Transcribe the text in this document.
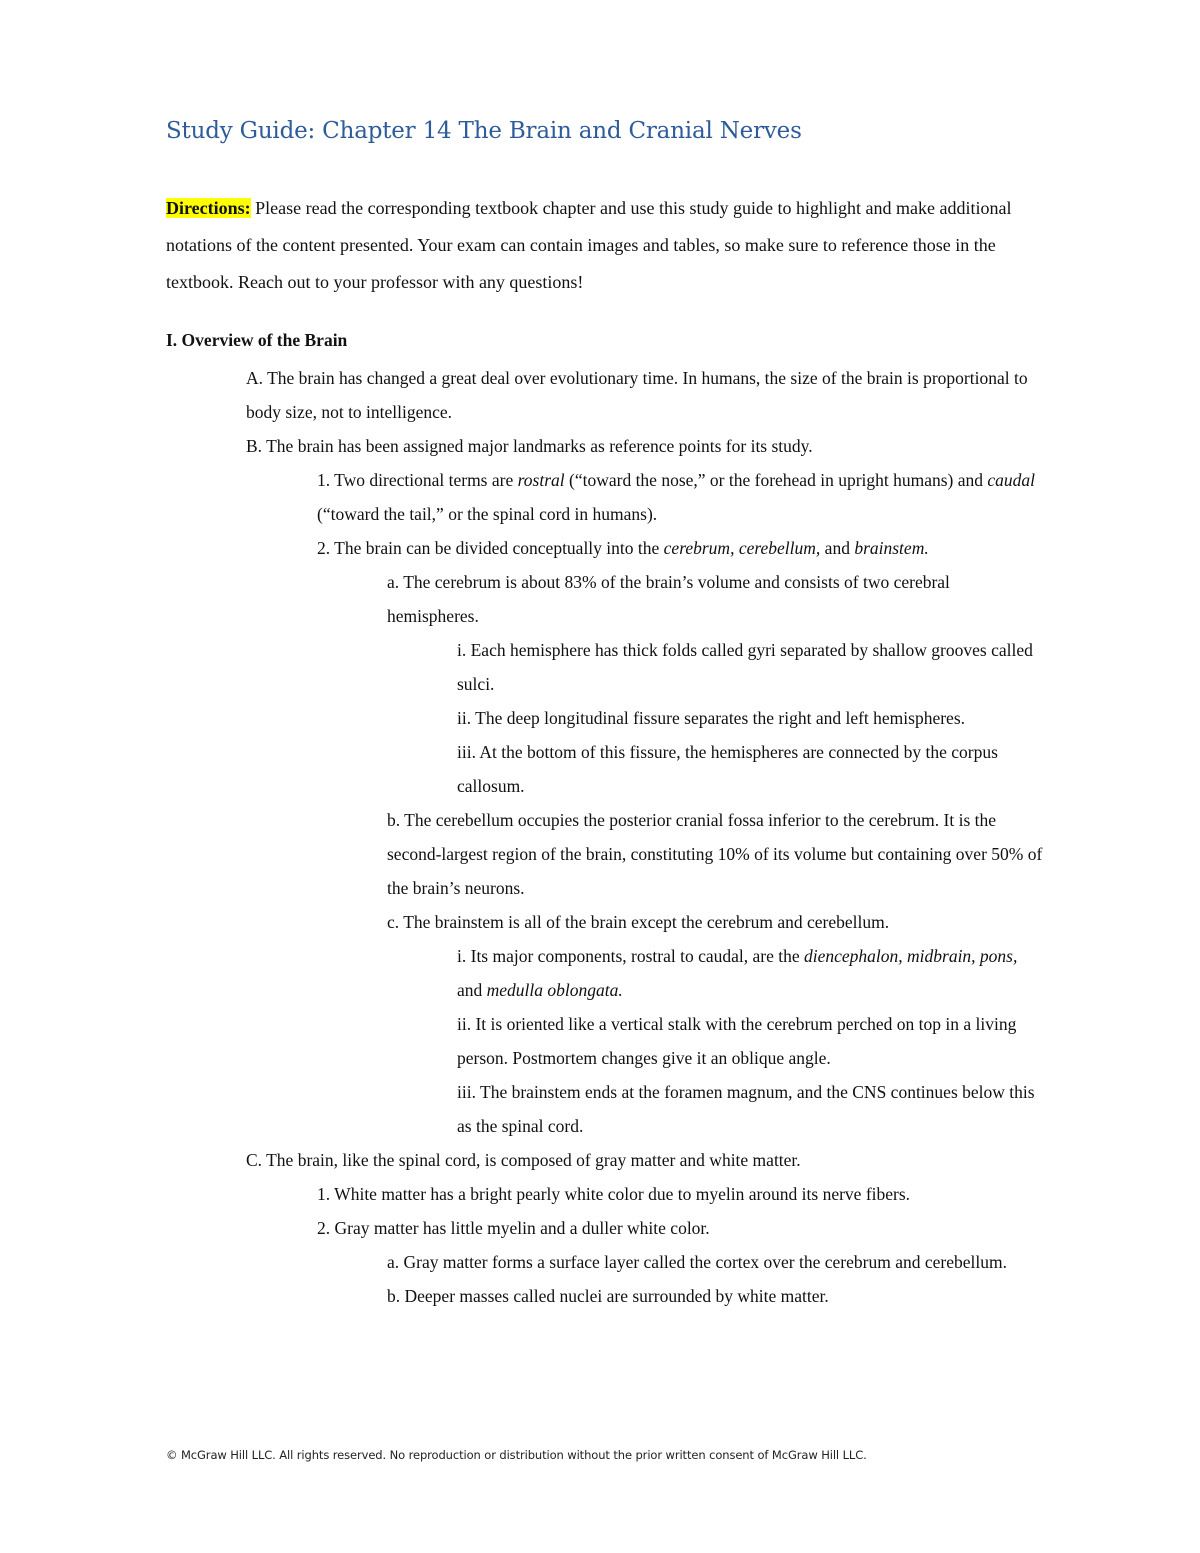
Study Guide: Chapter 14 The Brain and Cranial Nerves

Directions: Please read the corresponding textbook chapter and use this study guide to highlight and make additional notations of the content presented. Your exam can contain images and tables, so make sure to reference those in the textbook. Reach out to your professor with any questions!

I. Overview of the Brain

A. The brain has changed a great deal over evolutionary time. In humans, the size of the brain is proportional to body size, not to intelligence.

B. The brain has been assigned major landmarks as reference points for its study.

1. Two directional terms are rostral (“toward the nose,” or the forehead in upright humans) and caudal (“toward the tail,” or the spinal cord in humans).

2. The brain can be divided conceptually into the cerebrum, cerebellum, and brainstem.

a. The cerebrum is about 83% of the brain’s volume and consists of two cerebral hemispheres.

i. Each hemisphere has thick folds called gyri separated by shallow grooves called sulci.

ii. The deep longitudinal fissure separates the right and left hemispheres.

iii. At the bottom of this fissure, the hemispheres are connected by the corpus callosum.

b. The cerebellum occupies the posterior cranial fossa inferior to the cerebrum. It is the second-largest region of the brain, constituting 10% of its volume but containing over 50% of the brain’s neurons.

c. The brainstem is all of the brain except the cerebrum and cerebellum.

i. Its major components, rostral to caudal, are the diencephalon, midbrain, pons, and medulla oblongata.

ii. It is oriented like a vertical stalk with the cerebrum perched on top in a living person. Postmortem changes give it an oblique angle.

iii. The brainstem ends at the foramen magnum, and the CNS continues below this as the spinal cord.

C. The brain, like the spinal cord, is composed of gray matter and white matter.

1. White matter has a bright pearly white color due to myelin around its nerve fibers.

2. Gray matter has little myelin and a duller white color.

a. Gray matter forms a surface layer called the cortex over the cerebrum and cerebellum.

b. Deeper masses called nuclei are surrounded by white matter.

© McGraw Hill LLC. All rights reserved. No reproduction or distribution without the prior written consent of McGraw Hill LLC.
